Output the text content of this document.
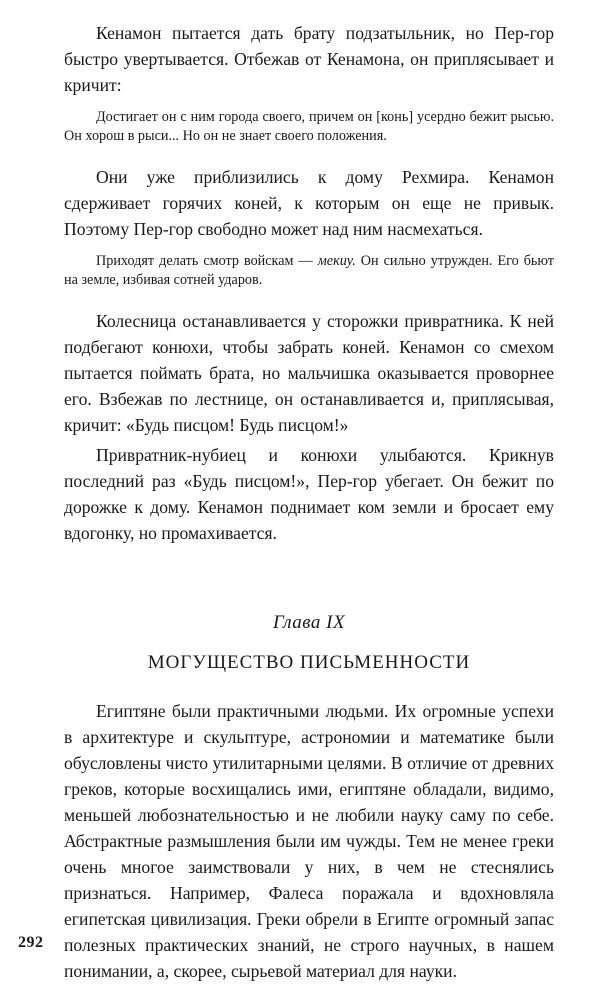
Кенамон пытается дать брату подзатыльник, но Пер-гор быстро увертывается. Отбежав от Кенамона, он приплясывает и кричит:

Достигает он с ним города своего, причем он [конь] усердно бежит рысью. Он хорош в рыси... Но он не знает своего положения.

Они уже приблизились к дому Рехмира. Кенамон сдерживает горячих коней, к которым он еще не привык. Поэтому Пер-гор свободно может над ним насмехаться.

Приходят делать смотр войскам — мекиу. Он сильно утружден. Его бьют на земле, избивая сотней ударов.

Колесница останавливается у сторожки привратника. К ней подбегают конюхи, чтобы забрать коней. Кенамон со смехом пытается поймать брата, но мальчишка оказывается проворнее его. Взбежав по лестнице, он останавливается и, приплясывая, кричит: «Будь писцом! Будь писцом!»

Привратник-нубиец и конюхи улыбаются. Крикнув последний раз «Будь писцом!», Пер-гор убегает. Он бежит по дорожке к дому. Кенамон поднимает ком земли и бросает ему вдогонку, но промахивается.

Глава IX
МОГУЩЕСТВО ПИСЬМЕННОСТИ

Египтяне были практичными людьми. Их огромные успехи в архитектуре и скульптуре, астрономии и математике были обусловлены чисто утилитарными целями. В отличие от древних греков, которые восхищались ими, египтяне обладали, видимо, меньшей любознательностью и не любили науку саму по себе. Абстрактные размышления были им чужды. Тем не менее греки очень многое заимствовали у них, в чем не стеснялись признаться. Например, Фалеса поражала и вдохновляла египетская цивилизация. Греки обрели в Египте огромный запас полезных практических знаний, не строго научных, в нашем понимании, а, скорее, сырьевой материал для науки.

292
